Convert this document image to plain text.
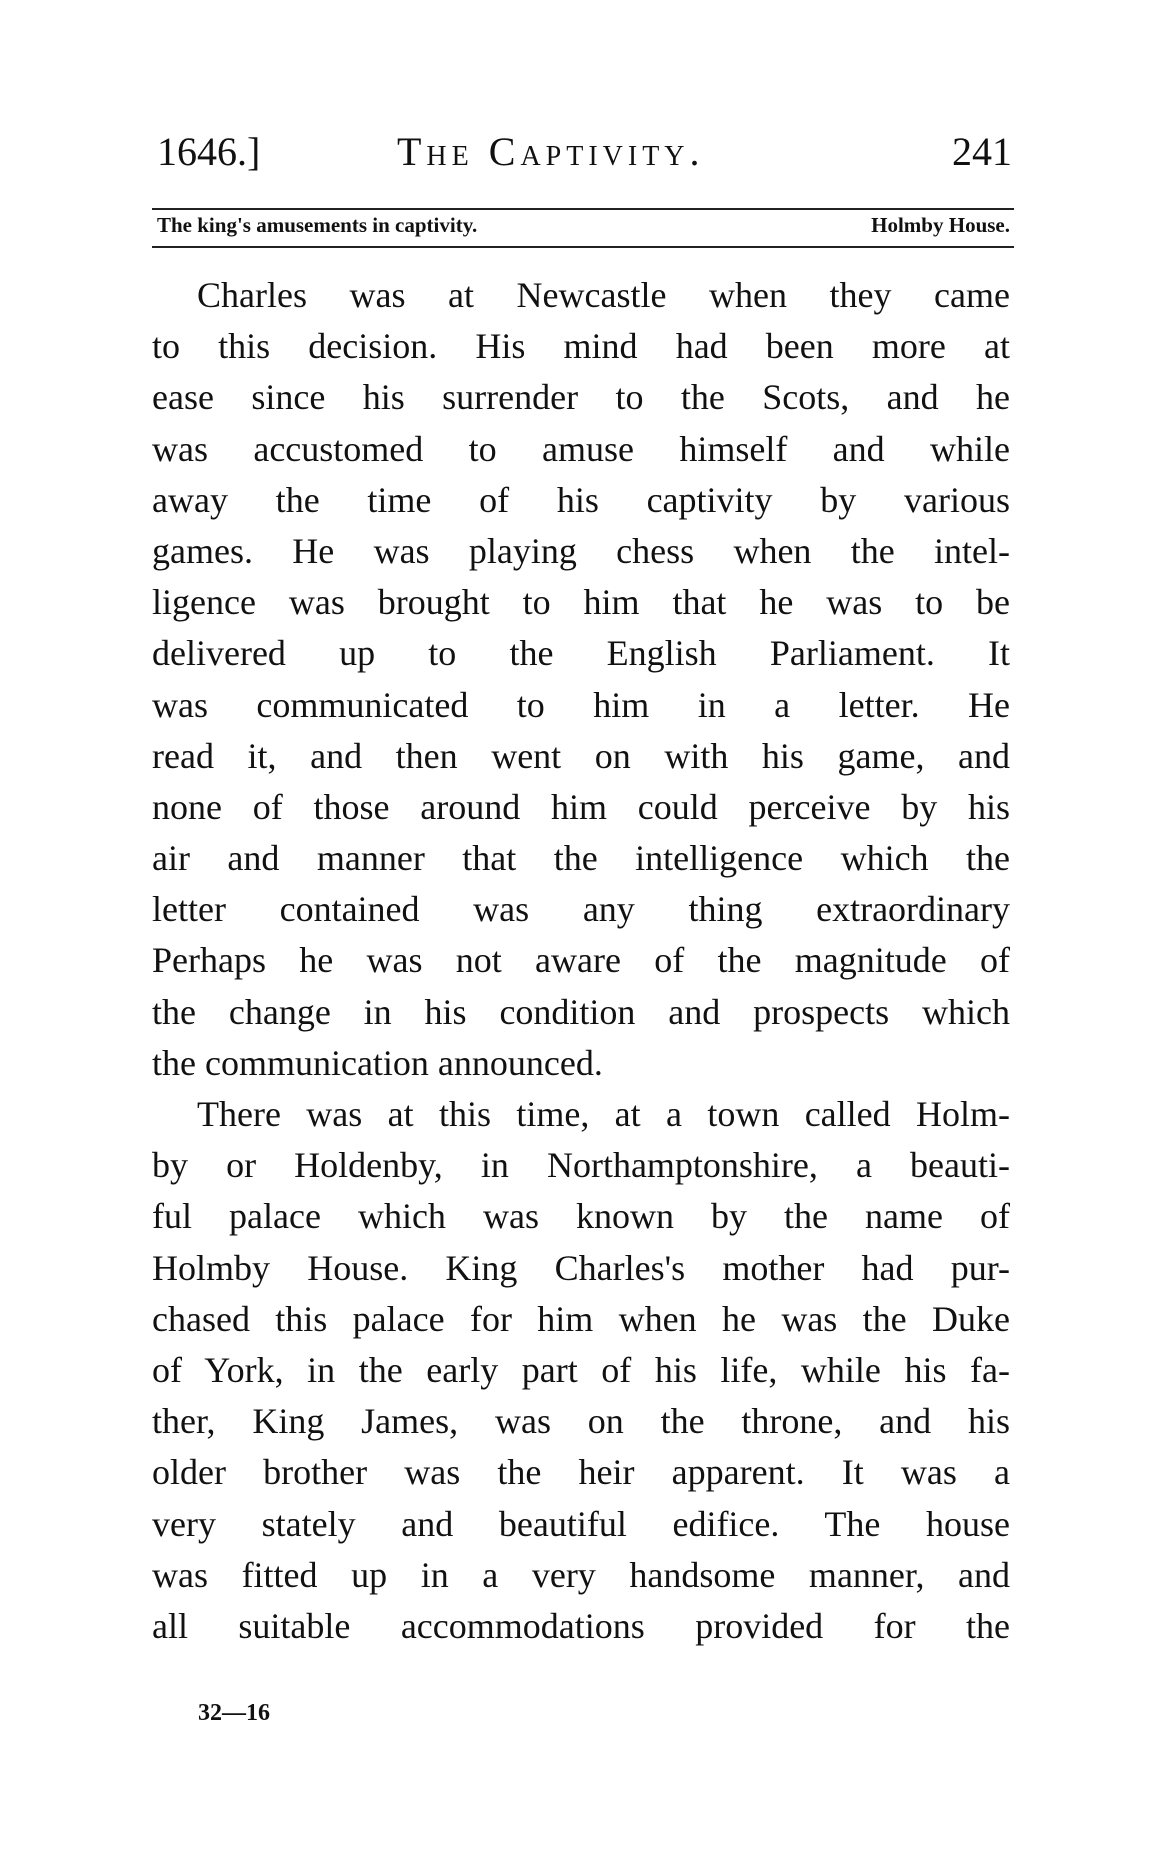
1646.]	The Captivity.	241
The king's amusements in captivity.	Holmby House.
Charles was at Newcastle when they came
to this decision. His mind had been more at
ease since his surrender to the Scots, and he
was accustomed to amuse himself and while
away the time of his captivity by various
games. He was playing chess when the intel-
ligence was brought to him that he was to be
delivered up to the English Parliament. It
was communicated to him in a letter. He
read it, and then went on with his game, and
none of those around him could perceive by his
air and manner that the intelligence which the
letter contained was any thing extraordinary
Perhaps he was not aware of the magnitude of
the change in his condition and prospects which
the communication announced.
There was at this time, at a town called Holm-
by or Holdenby, in Northamptonshire, a beauti-
ful palace which was known by the name of
Holmby House. King Charles's mother had pur-
chased this palace for him when he was the Duke
of York, in the early part of his life, while his fa-
ther, King James, was on the throne, and his
older brother was the heir apparent. It was a
very stately and beautiful edifice. The house
was fitted up in a very handsome manner, and
all suitable accommodations provided for the
32—16
